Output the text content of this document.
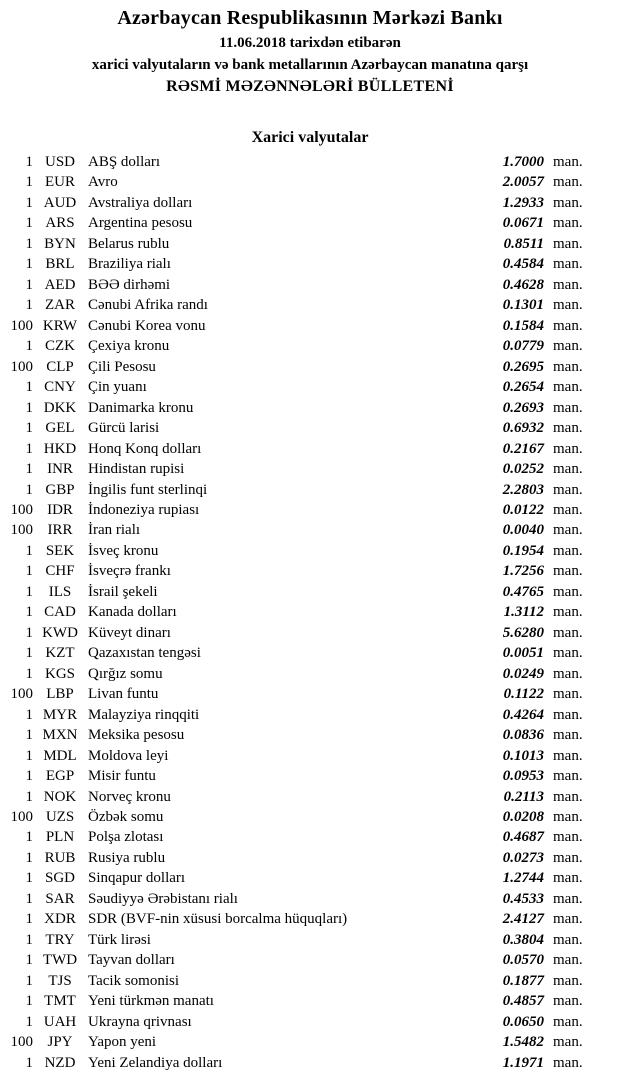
Azərbaycan Respublikasının Mərkəzi Bankı
11.06.2018 tarixdən etibarən
xarici valyutaların və bank metallarının Azərbaycan manatına qarşı
RƏSMİ MƏZƏNNƏLƏRİ BÜLLETENİ
Xarici valyutalar
1 USD ABŞ dolları	1.7000 man.
1 EUR Avro	2.0057 man.
1 AUD Avstraliya dolları	1.2933 man.
1 ARS Argentina pesosu	0.0671 man.
1 BYN Belarus rublu	0.8511 man.
1 BRL Braziliya rialı	0.4584 man.
1 AED BƏƏ dirhəmi	0.4628 man.
1 ZAR Cənubi Afrika randı	0.1301 man.
100 KRW Cənubi Korea vonu	0.1584 man.
1 CZK Çexiya kronu	0.0779 man.
100 CLP Çili Pesosu	0.2695 man.
1 CNY Çin yuanı	0.2654 man.
1 DKK Danimarka kronu	0.2693 man.
1 GEL Gürcü larisi	0.6932 man.
1 HKD Honq Konq dolları	0.2167 man.
1 INR	Hindistan rupisi	0.0252 man.
1 GBP İngilis funt sterlinqi	2.2803 man.
100 IDR	İndoneziya rupiası	0.0122 man.
100 IRR	İran rialı	0.0040 man.
1 SEK İsveç kronu	0.1954 man.
1 CHF İsveçrə frankı	1.7256 man.
1	ILS	İsrail şekeli	0.4765 man.
1 CAD Kanada dolları	1.3112 man.
1 KWD Küveyt dinarı	5.6280 man.
1 KZT Qazaxıstan tengəsi	0.0051 man.
1 KGS Qırğız somu	0.0249 man.
100 LBP Livan funtu	0.1122 man.
1 MYR Malayziya rinqqiti	0.4264 man.
1 MXN Meksika pesosu	0.0836 man.
1 MDL Moldova leyi	0.1013 man.
1 EGP Misir funtu	0.0953 man.
1 NOK Norveç kronu	0.2113 man.
100 UZS Özbək somu	0.0208 man.
1 PLN Polşa zlotası	0.4687 man.
1 RUB Rusiya rublu	0.0273 man.
1 SGD Sinqapur dolları	1.2744 man.
1 SAR Səudiyyə Ərəbistanı rialı	0.4533 man.
1 XDR SDR (BVF-nin xüsusi borcalma hüquqları)	2.4127 man.
1 TRY Türk lirəsi	0.3804 man.
1 TWD Tayvan dolları	0.0570 man.
1	TJS	Tacik somonisi	0.1877 man.
1 TMT Yeni türkmən manatı	0.4857 man.
1 UAH Ukrayna qrivnası	0.0650 man.
100 JPY	Yapon yeni	1.5482 man.
1 NZD Yeni Zelandiya dolları	1.1971 man.
